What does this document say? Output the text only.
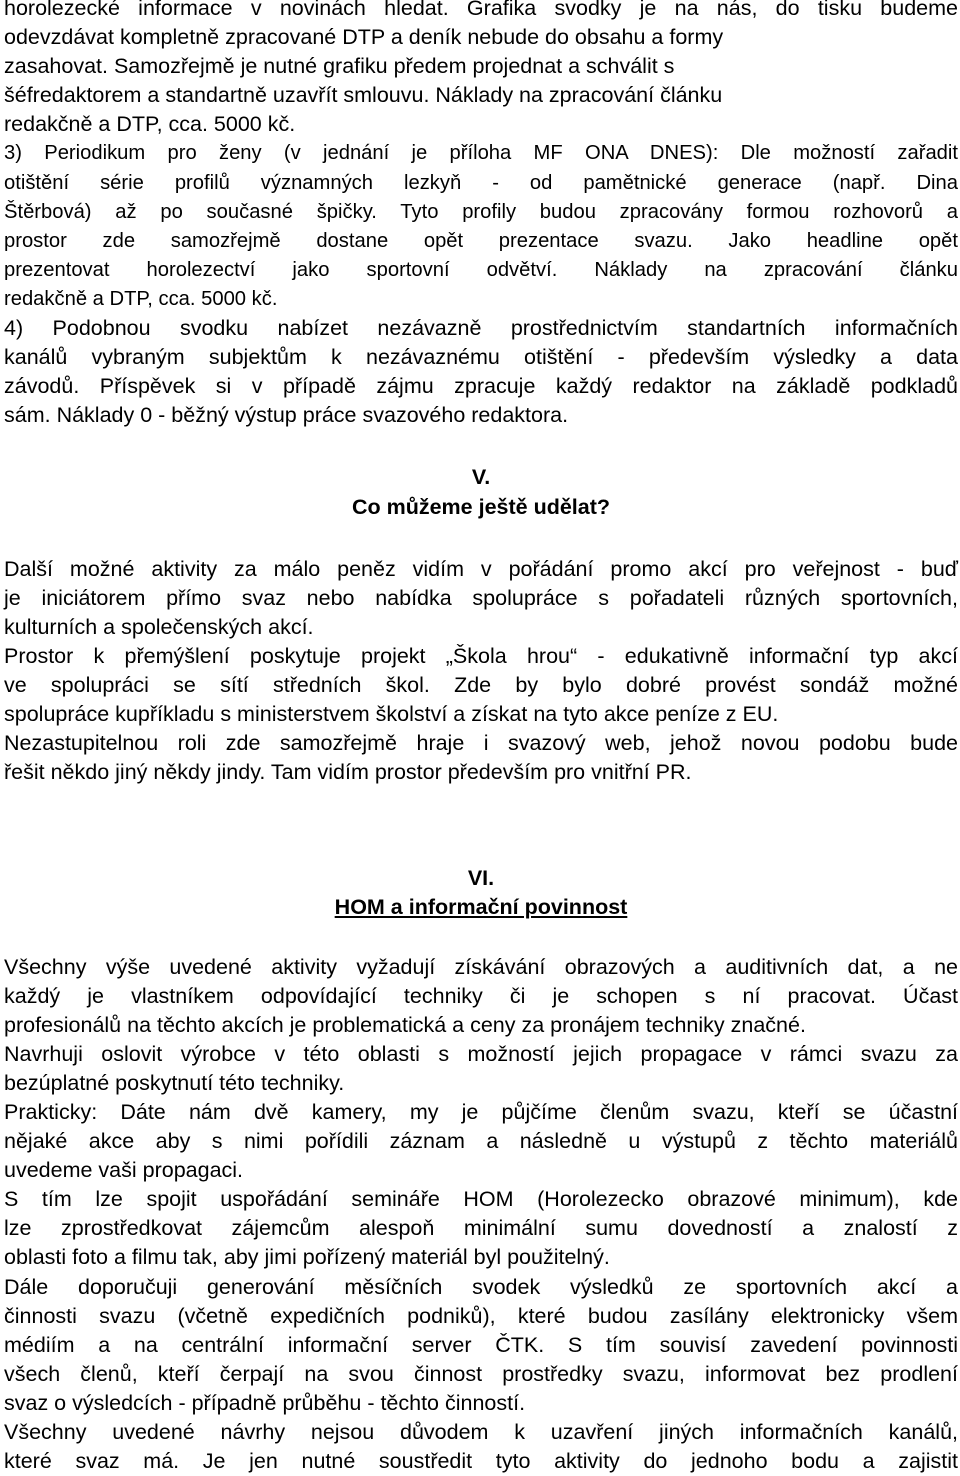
horolezecké informace v novinách hledat. Grafika svodky je na nás, do tisku budeme
odevzdávat kompletně zpracované DTP a deník nebude do obsahu a formy
zasahovat. Samozřejmě je nutné grafiku předem projednat a schválit s
šéfredaktorem a standartně uzavřít smlouvu. Náklady na zpracování článku
redakčně a DTP, cca. 5000 kč.
3) Periodikum pro ženy (v jednání je příloha MF ONA DNES): Dle možností zařadit
otištění série profilů významných lezkyň - od pamětnické generace (např. Dina
Štěrbová) až po současné špičky. Tyto profily budou zpracovány formou rozhovorů a
prostor zde samozřejmě dostane opět prezentace svazu. Jako headline opět
prezentovat horolezectví jako sportovní odvětví. Náklady na zpracování článku
redakčně a DTP, cca. 5000 kč.
4) Podobnou svodku nabízet nezávazně prostřednictvím standartních informačních
kanálů vybraným subjektům k nezávaznému otištění - především výsledky a data
závodů. Příspěvek si v případě zájmu zpracuje každý redaktor na základě podkladů
sám. Náklady 0 - běžný výstup práce svazového redaktora.
V.
Co můžeme ještě udělat?
Další možné aktivity za málo peněz vidím v pořádání promo akcí pro veřejnost - buď
je iniciátorem přímo svaz nebo nabídka spolupráce s pořadateli různých sportovních,
kulturních a společenských akcí.
Prostor k přemýšlení poskytuje projekt „Škola hrou“ - edukativně informační typ akcí
ve spolupráci se sítí středních škol. Zde by bylo dobré provést sondáž možné
spolupráce kupříkladu s ministerstvem školství a získat na tyto akce peníze z EU.
Nezastupitelnou roli zde samozřejmě hraje i svazový web, jehož novou podobu bude
řešit někdo jiný někdy jindy. Tam vidím prostor především pro vnitřní PR.
VI.
HOM a informační povinnost
Všechny výše uvedené aktivity vyžadují získávání obrazových a auditivních dat, a ne
každý je vlastníkem odpovídající techniky či je schopen s ní pracovat. Účast
profesionálů na těchto akcích je problematická a ceny za pronájem techniky značné.
Navrhuji oslovit výrobce v této oblasti s možností jejich propagace v rámci svazu za
bezúplatné poskytnutí této techniky.
Prakticky: Dáte nám dvě kamery, my je půjčíme členům svazu, kteří se účastní
nějaké akce aby s nimi pořídili záznam a následně u výstupů z těchto materiálů
uvedeme vaši propagaci.
S tím lze spojit uspořádání semináře HOM (Horolezecko obrazové minimum), kde
lze zprostředkovat zájemcům alespoň minimální sumu dovedností a znalostí z
oblasti foto a filmu tak, aby jimi pořízený materiál byl použitelný.
Dále doporučuji generování měsíčních svodek výsledků ze sportovních akcí a
činnosti svazu (včetně expedičních podniků), které budou zasílány elektronicky všem
médiím a na centrální informační server ČTK. S tím souvisí zavedení povinnosti
všech členů, kteří čerpají na svou činnost prostředky svazu, informovat bez prodlení
svaz o výsledcích - případně průběhu - těchto činností.
Všechny uvedené návrhy nejsou důvodem k uzavření jiných informačních kanálů,
které svaz má. Je jen nutné soustředit tyto aktivity do jednoho bodu a zajistit
